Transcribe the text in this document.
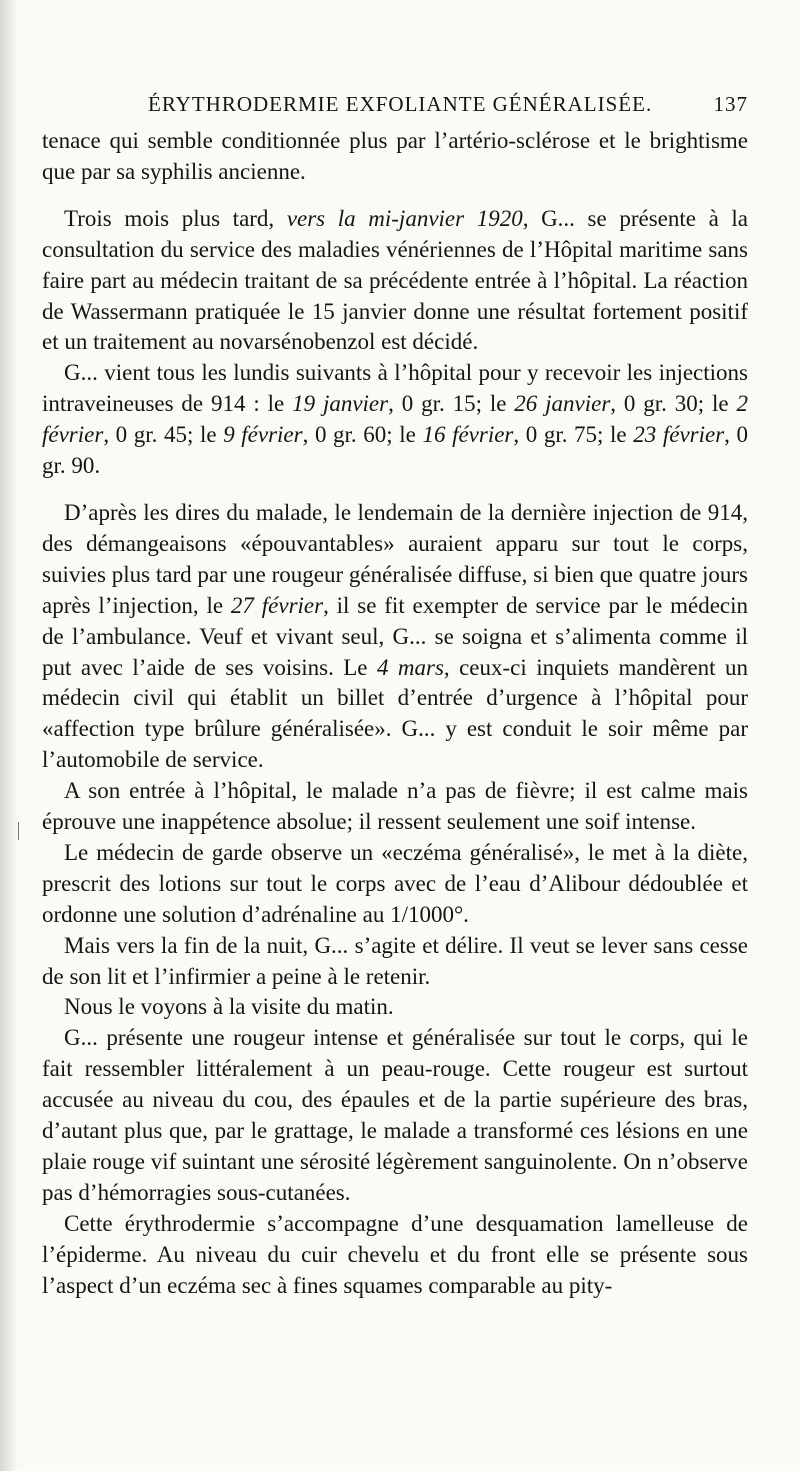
ÉRYTHRODERMIE EXFOLIANTE GÉNÉRALISÉE.	137

tenace qui semble conditionnée plus par l’artério-sclérose et le brightisme que par sa syphilis ancienne.

Trois mois plus tard, vers la mi-janvier 1920, G... se présente à la consultation du service des maladies vénériennes de l’Hôpital maritime sans faire part au médecin traitant de sa précédente entrée à l’hôpital. La réaction de Wassermann pratiquée le 15 janvier donne une résultat fortement positif et un traitement au novarsénobenzol est décidé.

G... vient tous les lundis suivants à l’hôpital pour y recevoir les injections intraveineuses de 914 : le 19 janvier, 0 gr. 15; le 26 janvier, 0 gr. 30; le 2 février, 0 gr. 45; le 9 février, 0 gr. 60; le 16 février, 0 gr. 75; le 23 février, 0 gr. 90.

D’après les dires du malade, le lendemain de la dernière injection de 914, des démangeaisons «épouvantables» auraient apparu sur tout le corps, suivies plus tard par une rougeur généralisée diffuse, si bien que quatre jours après l’injection, le 27 février, il se fit exempter de service par le médecin de l’ambulance. Veuf et vivant seul, G... se soigna et s’alimenta comme il put avec l’aide de ses voisins. Le 4 mars, ceux-ci inquiets mandèrent un médecin civil qui établit un billet d’entrée d’urgence à l’hôpital pour «affection type brûlure généralisée». G... y est conduit le soir même par l’automobile de service.

A son entrée à l’hôpital, le malade n’a pas de fièvre; il est calme mais éprouve une inappétence absolue; il ressent seulement une soif intense.

Le médecin de garde observe un «eczéma généralisé», le met à la diète, prescrit des lotions sur tout le corps avec de l’eau d’Alibour dédoublée et ordonne une solution d’adrénaline au 1/1000°.

Mais vers la fin de la nuit, G... s’agite et délire. Il veut se lever sans cesse de son lit et l’infirmier a peine à le retenir.

Nous le voyons à la visite du matin.

G... présente une rougeur intense et généralisée sur tout le corps, qui le fait ressembler littéralement à un peau-rouge. Cette rougeur est surtout accusée au niveau du cou, des épaules et de la partie supérieure des bras, d’autant plus que, par le grattage, le malade a transformé ces lésions en une plaie rouge vif suintant une sérosité légèrement sanguinolente. On n’observe pas d’hémorragies sous-cutanées.

Cette érythrodermie s’accompagne d’une desquamation lamelleuse de l’épiderme. Au niveau du cuir chevelu et du front elle se présente sous l’aspect d’un eczéma sec à fines squames comparable au pity-
